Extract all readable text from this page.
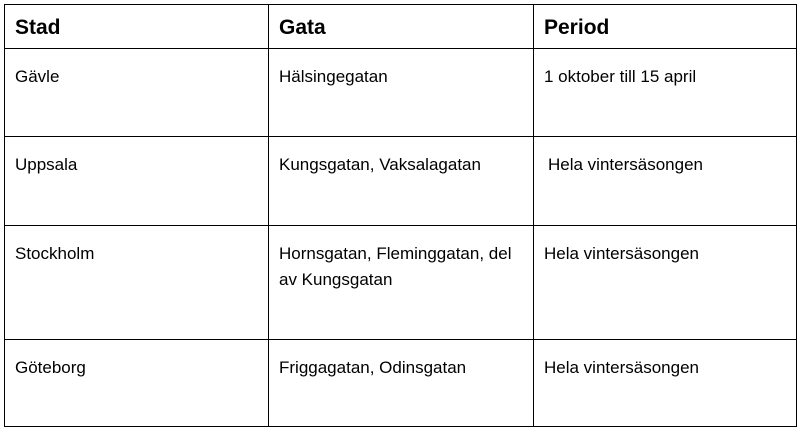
Stad	Gata	Period

Gävle	Hälsingegatan	1 oktober till 15 april

Uppsala	Kungsgatan, Vaksalagatan	Hela vintersäsongen

Stockholm	Hornsgatan, Fleminggatan, del av Kungsgatan	Hela vintersäsongen

Göteborg	Friggagatan, Odinsgatan	Hela vintersäsongen
